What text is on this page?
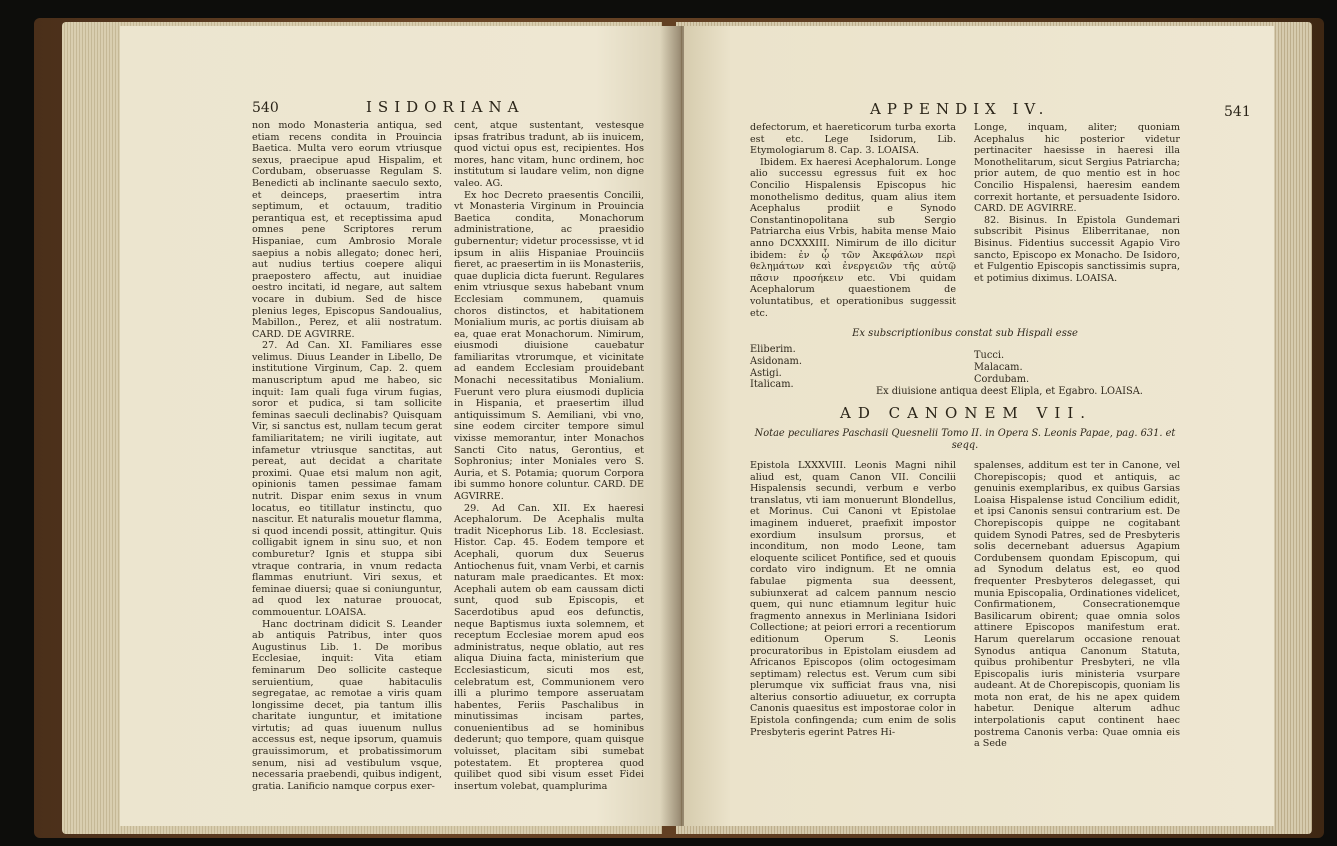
540	ISIDORIANA

non modo Monasteria antiqua, sed etiam recens condita in Prouincia Baetica. Multa vero eorum vtriusque sexus, praecipue apud Hispalim, et Cordubam, obseruasse Regulam S. Benedicti ab inclinante saeculo sexto, et deinceps, praesertim intra septimum, et octauum, traditio perantiqua est, et receptissima apud omnes pene Scriptores rerum Hispaniae, cum Ambrosio Morale saepius a nobis allegato; donec heri, aut nudius tertius coepere aliqui praepostero affectu, aut inuidiae oestro incitati, id negare, aut saltem vocare in dubium. Sed de hisce plenius leges, Episcopus Sandoualius, Mabillon., Perez, et alii nostratum. CARD. DE AGVIRRE.

27. Ad Can. XI. Familiares esse velimus. Diuus Leander in Libello, De institutione Virginum, Cap. 2. quem manuscriptum apud me habeo, sic inquit: Iam quali fuga virum fugias, soror et pudica, si tam sollicite feminas saeculi declinabis? Quisquam Vir, si sanctus est, nullam tecum gerat familiaritatem; ne virili iugitate, aut infametur vtriusque sanctitas, aut pereat, aut decidat a charitate proximi. Quae etsi malum non agit, opinionis tamen pessimae famam nutrit. Dispar enim sexus in vnum locatus, eo titillatur instinctu, quo nascitur. Et naturalis mouetur flamma, si quod incendi possit, attingitur. Quis colligabit ignem in sinu suo, et non comburetur? Ignis et stuppa sibi vtraque contraria, in vnum redacta flammas enutriunt. Viri sexus, et feminae diuersi; quae si coniunguntur, ad quod lex naturae prouocat, commouentur. LOAISA.

Hanc doctrinam didicit S. Leander ab antiquis Patribus, inter quos Augustinus Lib. 1. De moribus Ecclesiae, inquit: Vita etiam feminarum Deo sollicite casteque seruientium, quae habitaculis segregatae, ac remotae a viris quam longissime decet, pia tantum illis charitate iunguntur, et imitatione virtutis; ad quas iuuenum nullus accessus est, neque ipsorum, quamuis grauissimorum, et probatissimorum senum, nisi ad vestibulum vsque, necessaria praebendi, quibus indigent, gratia. Lanificio namque corpus exer-

cent, atque sustentant, vestesque ipsas fratribus tradunt, ab iis inuicem, quod victui opus est, recipientes. Hos mores, hanc vitam, hunc ordinem, hoc institutum si laudare velim, non digne valeo. AG.

Ex hoc Decreto praesentis Concilii, vt Monasteria Virginum in Prouincia Baetica condita, Monachorum administratione, ac praesidio gubernentur; videtur processisse, vt id ipsum in aliis Hispaniae Prouinciis fieret, ac praesertim in iis Monasteriis, quae duplicia dicta fuerunt. Regulares enim vtriusque sexus habebant vnum Ecclesiam communem, quamuis choros distinctos, et habitationem Monialium muris, ac portis diuisam ab ea, quae erat Monachorum. Nimirum, eiusmodi diuisione cauebatur familiaritas vtrorumque, et vicinitate ad eandem Ecclesiam prouidebant Monachi necessitatibus Monialium. Fuerunt vero plura eiusmodi duplicia in Hispania, et praesertim illud antiquissimum S. Aemiliani, vbi vno, sine eodem circiter tempore simul vixisse memorantur, inter Monachos Sancti Cito natus, Gerontius, et Sophronius; inter Moniales vero S. Auria, et S. Potamia; quorum Corpora ibi summo honore coluntur. CARD. DE AGVIRRE.

29. Ad Can. XII. Ex haeresi Acephalorum. De Acephalis multa tradit Nicephorus Lib. 18. Ecclesiast. Histor. Cap. 45. Eodem tempore et Acephali, quorum dux Seuerus Antiochenus fuit, vnam Verbi, et carnis naturam male praedicantes. Et mox: Acephali autem ob eam caussam dicti sunt, quod sub Episcopis, et Sacerdotibus apud eos defunctis, neque Baptismus iuxta solemnem, et receptum Ecclesiae morem apud eos administratus, neque oblatio, aut res aliqua Diuina facta, ministerium que Ecclesiasticum, sicuti mos est, celebratum est, Communionem vero illi a plurimo tempore asseruatam habentes, Feriis Paschalibus in minutissimas incisam partes, conuenientibus ad se hominibus dederunt; quo tempore, quam quisque voluisset, placitam sibi sumebat potestatem. Et propterea quod quilibet quod sibi visum esset Fidei insertum volebat, quamplurima

APPENDIX IV.	541

defectorum, et haereticorum turba exorta est etc. Lege Isidorum, Lib. Etymologiarum 8. Cap. 3. LOAISA.

Ibidem. Ex haeresi Acephalorum. Longe alio successu egressus fuit ex hoc Concilio Hispalensis Episcopus hic monothelismo deditus, quam alius item Acephalus prodiit e Synodo Constantinopolitana sub Sergio Patriarcha eius Vrbis, habita mense Maio anno DCXXXIII. Nimirum de illo dicitur ibidem: ἐν ᾧ τῶν Ἀκεφάλων περὶ θελημάτων καὶ ἐνεργειῶν τῆς αὐτῷ πᾶσιν προσήκειν etc. Vbi quidam Acephalorum quaestionem de voluntatibus, et operationibus suggessit etc.

Longe, inquam, aliter; quoniam Acephalus hic posterior videtur pertinaciter haesisse in haeresi illa Monothelitarum, sicut Sergius Patriarcha; prior autem, de quo mentio est in hoc Concilio Hispalensi, haeresim eandem correxit hortante, et persuadente Isidoro. CARD. DE AGVIRRE.

82. Bisinus. In Epistola Gundemari subscribit Pisinus Eliberritanae, non Bisinus. Fidentius successit Agapio Viro sancto, Episcopo ex Monacho. De Isidoro, et Fulgentio Episcopis sanctissimis supra, et potimius diximus. LOAISA.

Ex subscriptionibus constat sub Hispali esse
Eliberim.
Asidonam.
Astigi.
Italicam.
Tucci.
Malacam.
Cordubam.
Ex diuisione antiqua deest Elipla, et Egabro. LOAISA.
AD CANONEM VII.
Notae peculiares Paschasii Quesnelii Tomo II. in Opera S. Leonis Papae, pag. 631. et seqq.

Epistola LXXXVIII. Leonis Magni nihil aliud est, quam Canon VII. Concilii Hispalensis secundi, verbum e verbo translatus, vti iam monuerunt Blondellus, et Morinus. Cui Canoni vt Epistolae imaginem indueret, praefixit impostor exordium insulsum prorsus, et inconditum, non modo Leone, tam eloquente scilicet Pontifice, sed et quouis cordato viro indignum. Et ne omnia fabulae pigmenta sua deessent, subiunxerat ad calcem pannum nescio quem, qui nunc etiamnum legitur huic fragmento annexus in Merliniana Isidori Collectione; at peiori errori a recentiorum editionum Operum S. Leonis procuratoribus in Epistolam eiusdem ad Africanos Episcopos (olim octogesimam septimam) relectus est. Verum cum sibi plerumque vix sufficiat fraus vna, nisi alterius consortio adiuuetur, ex corrupta Canonis quaesitus est impostorae color in Epistola confingenda; cum enim de solis Presbyteris egerint Patres Hi-

spalenses, additum est ter in Canone, vel Chorepiscopis; quod et antiquis, ac genuinis exemplaribus, ex quibus Garsias Loaisa Hispalense istud Concilium edidit, et ipsi Canonis sensui contrarium est. De Chorepiscopis quippe ne cogitabant quidem Synodi Patres, sed de Presbyteris solis decernebant aduersus Agapium Cordubensem quondam Episcopum, qui ad Synodum delatus est, eo quod frequenter Presbyteros delegasset, qui munia Episcopalia, Ordinationes videlicet, Confirmationem, Consecrationemque Basilicarum obirent; quae omnia solos attinere Episcopos manifestum erat. Harum querelarum occasione renouat Synodus antiqua Canonum Statuta, quibus prohibentur Presbyteri, ne vlla Episcopalis iuris ministeria vsurpare audeant. At de Chorepiscopis, quoniam lis mota non erat, de his ne apex quidem habetur. Denique alterum adhuc interpolationis caput continent haec postrema Canonis verba: Quae omnia eis a Sede
